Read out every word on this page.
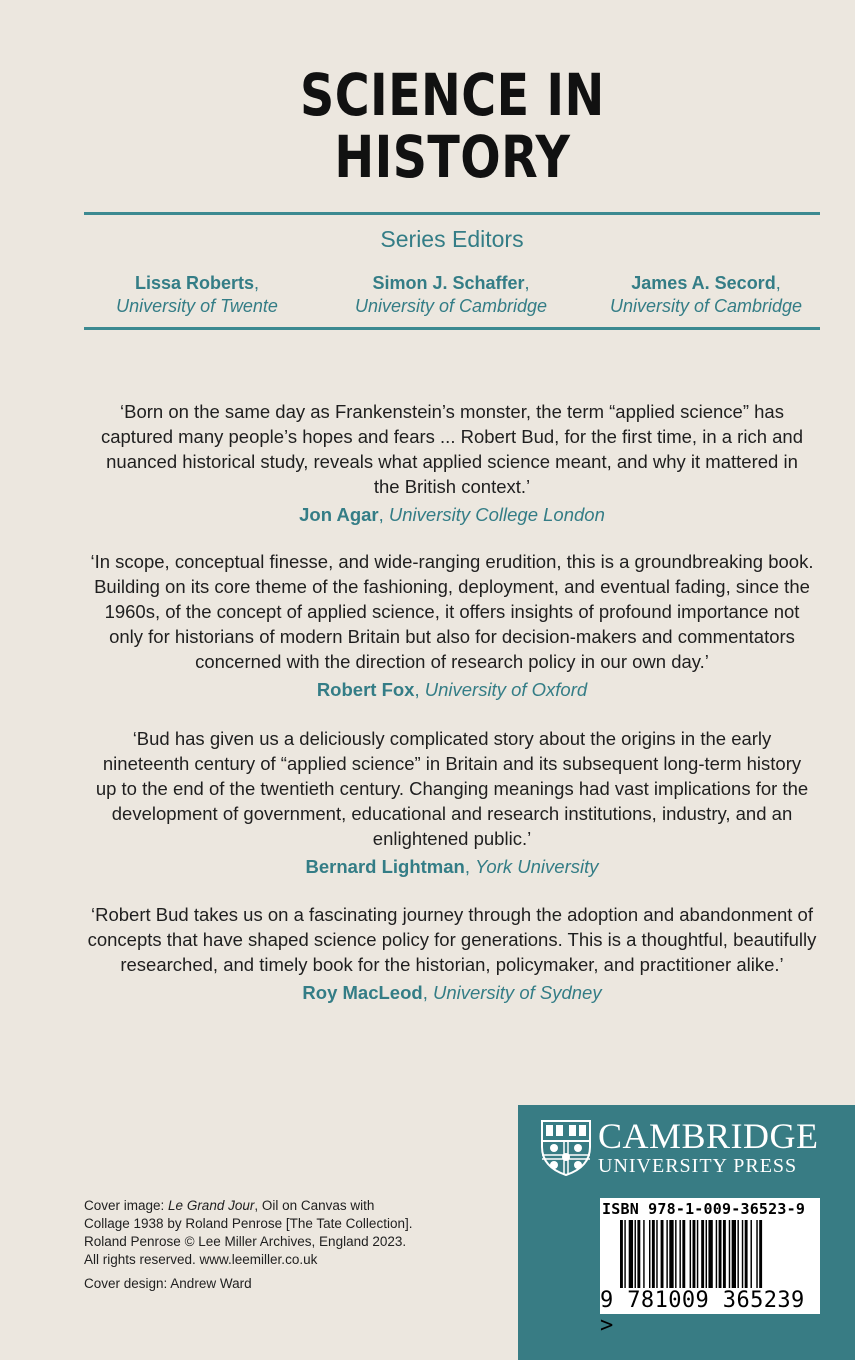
SCIENCE IN
HISTORY
Series Editors
Lissa Roberts,
University of Twente
Simon J. Schaffer,
University of Cambridge
James A. Secord,
University of Cambridge

‘Born on the same day as Frankenstein’s monster, the term “applied science” has
captured many people’s hopes and fears ... Robert Bud, for the first time, in a rich and
nuanced historical study, reveals what applied science meant, and why it mattered in
the British context.’

Jon Agar, University College London

‘In scope, conceptual finesse, and wide-ranging erudition, this is a groundbreaking book.
Building on its core theme of the fashioning, deployment, and eventual fading, since the
1960s, of the concept of applied science, it offers insights of profound importance not
only for historians of modern Britain but also for decision-makers and commentators
concerned with the direction of research policy in our own day.’

Robert Fox, University of Oxford

‘Bud has given us a deliciously complicated story about the origins in the early
nineteenth century of “applied science” in Britain and its subsequent long-term history
up to the end of the twentieth century. Changing meanings had vast implications for the
development of government, educational and research institutions, industry, and an
enlightened public.’

Bernard Lightman, York University

‘Robert Bud takes us on a fascinating journey through the adoption and abandonment of
concepts that have shaped science policy for generations. This is a thoughtful, beautifully
researched, and timely book for the historian, policymaker, and practitioner alike.’

Roy MacLeod, University of Sydney

Cover image: Le Grand Jour, Oil on Canvas with

Collage 1938 by Roland Penrose [The Tate Collection].

Roland Penrose © Lee Miller Archives, England 2023.

All rights reserved. www.leemiller.co.uk

Cover design: Andrew Ward

CAMBRIDGE
UNIVERSITY PRESS
ISBN 978-1-009-36523-9
9 781009 365239 >
